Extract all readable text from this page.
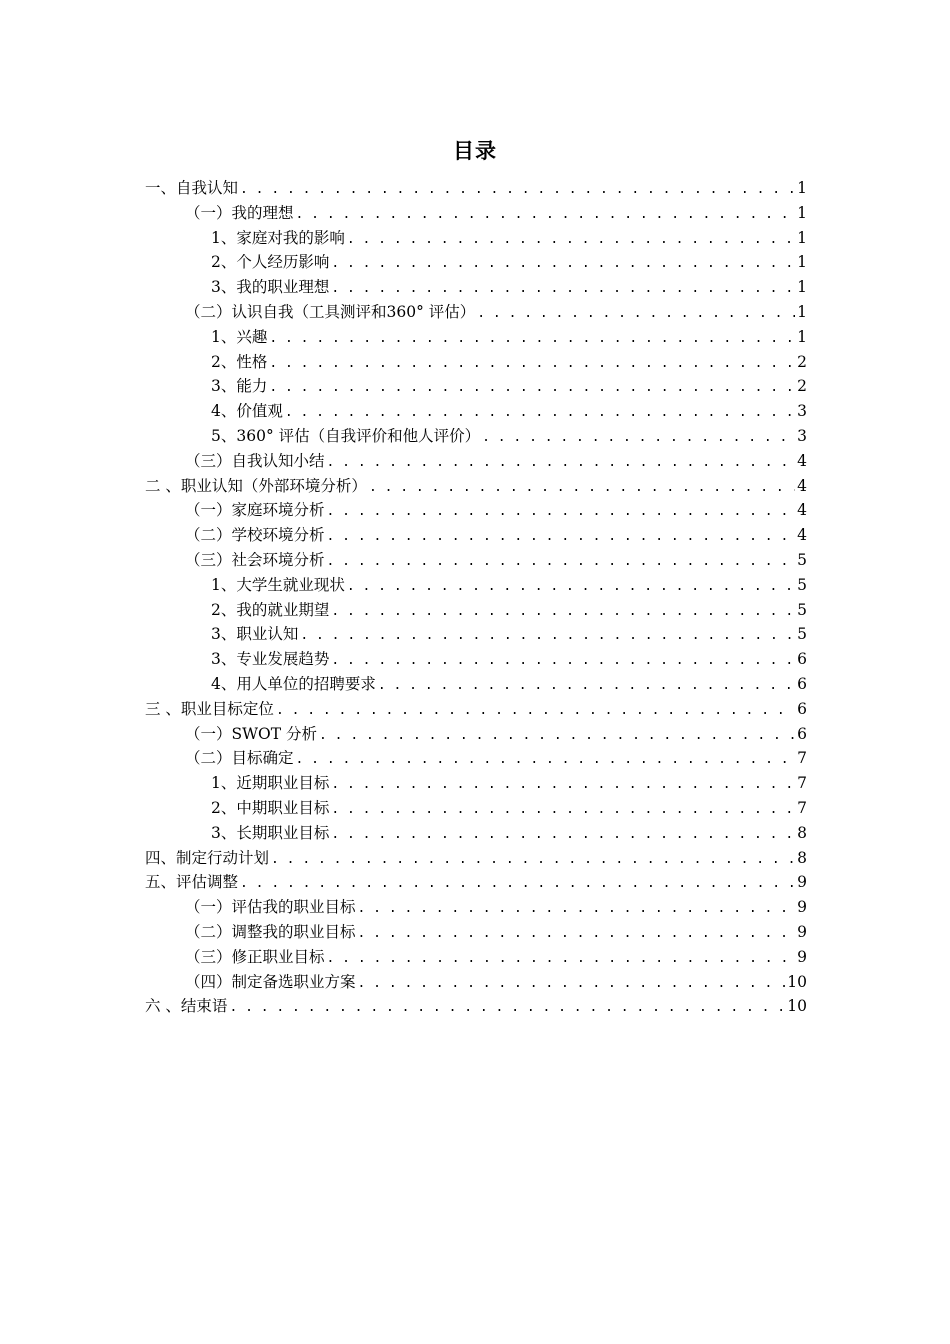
目录
一、自我认知 . . .	1
（一）我的理想 . . .	1
1、家庭对我的影响 . . .	1
2、个人经历影响 . . .	1
3、我的职业理想 . . .	1
（二）认识自我（工具测评和360° 评估） . . .	1
1、兴趣 . . .	1
2、性格 . . .	2
3、能力 . . .	2
4、价值观 . . .	3
5、360° 评估（自我评价和他人评价） . . .	3
（三）自我认知小结 . . .	4
二 、职业认知（外部环境分析） . . .	4
（一）家庭环境分析 . . .	4
（二）学校环境分析 . . .	4
（三）社会环境分析 . . .	5
1、大学生就业现状 . . .	5
2、我的就业期望 . . .	5
3、职业认知 . . .	5
3、专业发展趋势 . . .	6
4、用人单位的招聘要求 . . .	6
三 、职业目标定位 . . .	6
（一）SWOT 分析 . . .	6
（二）目标确定 . . .	7
1、近期职业目标 . . .	7
2、中期职业目标 . . .	7
3、长期职业目标 . . .	8
四、制定行动计划 . . .	8
五、评估调整 . . .	9
（一）评估我的职业目标 . . .	9
（二）调整我的职业目标 . . .	9
（三）修正职业目标 . . .	9
（四）制定备选职业方案 . . .	10
六 、结束语 . . .	10
